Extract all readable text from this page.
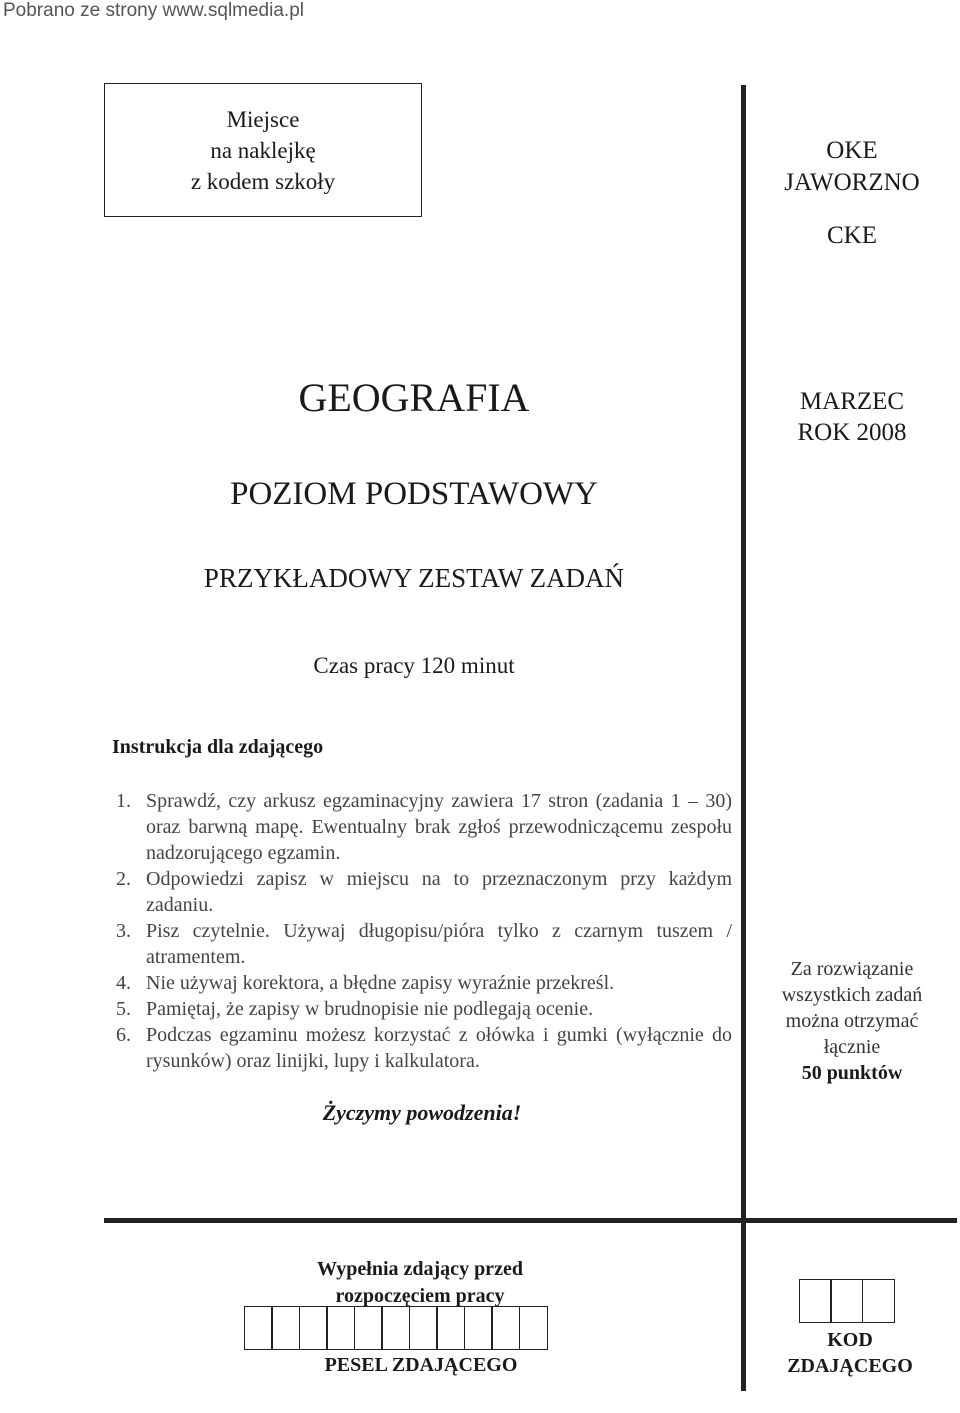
Pobrano ze strony www.sqlmedia.pl
Miejsce
na naklejkę
z kodem szkoły
OKE
JAWORZNO
CKE
MARZEC
ROK 2008
GEOGRAFIA
POZIOM PODSTAWOWY
PRZYKŁADOWY ZESTAW ZADAŃ
Czas pracy 120 minut
Instrukcja dla zdającego
1. Sprawdź, czy arkusz egzaminacyjny zawiera 17 stron (zadania 1 – 30) oraz barwną mapę. Ewentualny brak zgłoś przewodniczącemu zespołu nadzorującego egzamin.
2. Odpowiedzi zapisz w miejscu na to przeznaczonym przy każdym zadaniu.
3. Pisz czytelnie. Używaj długopisu/pióra tylko z czarnym tuszem / atramentem.
4. Nie używaj korektora, a błędne zapisy wyraźnie przekreśl.
5. Pamiętaj, że zapisy w brudnopisie nie podlegają ocenie.
6. Podczas egzaminu możesz korzystać z ołówka i gumki (wyłącznie do rysunków) oraz linijki, lupy i kalkulatora.
Życzymy powodzenia!
Za rozwiązanie
wszystkich zadań
można otrzymać
łącznie
50 punktów
Wypełnia zdający przed
rozpoczęciem pracy
PESEL ZDAJĄCEGO
KOD
ZDAJĄCEGO
